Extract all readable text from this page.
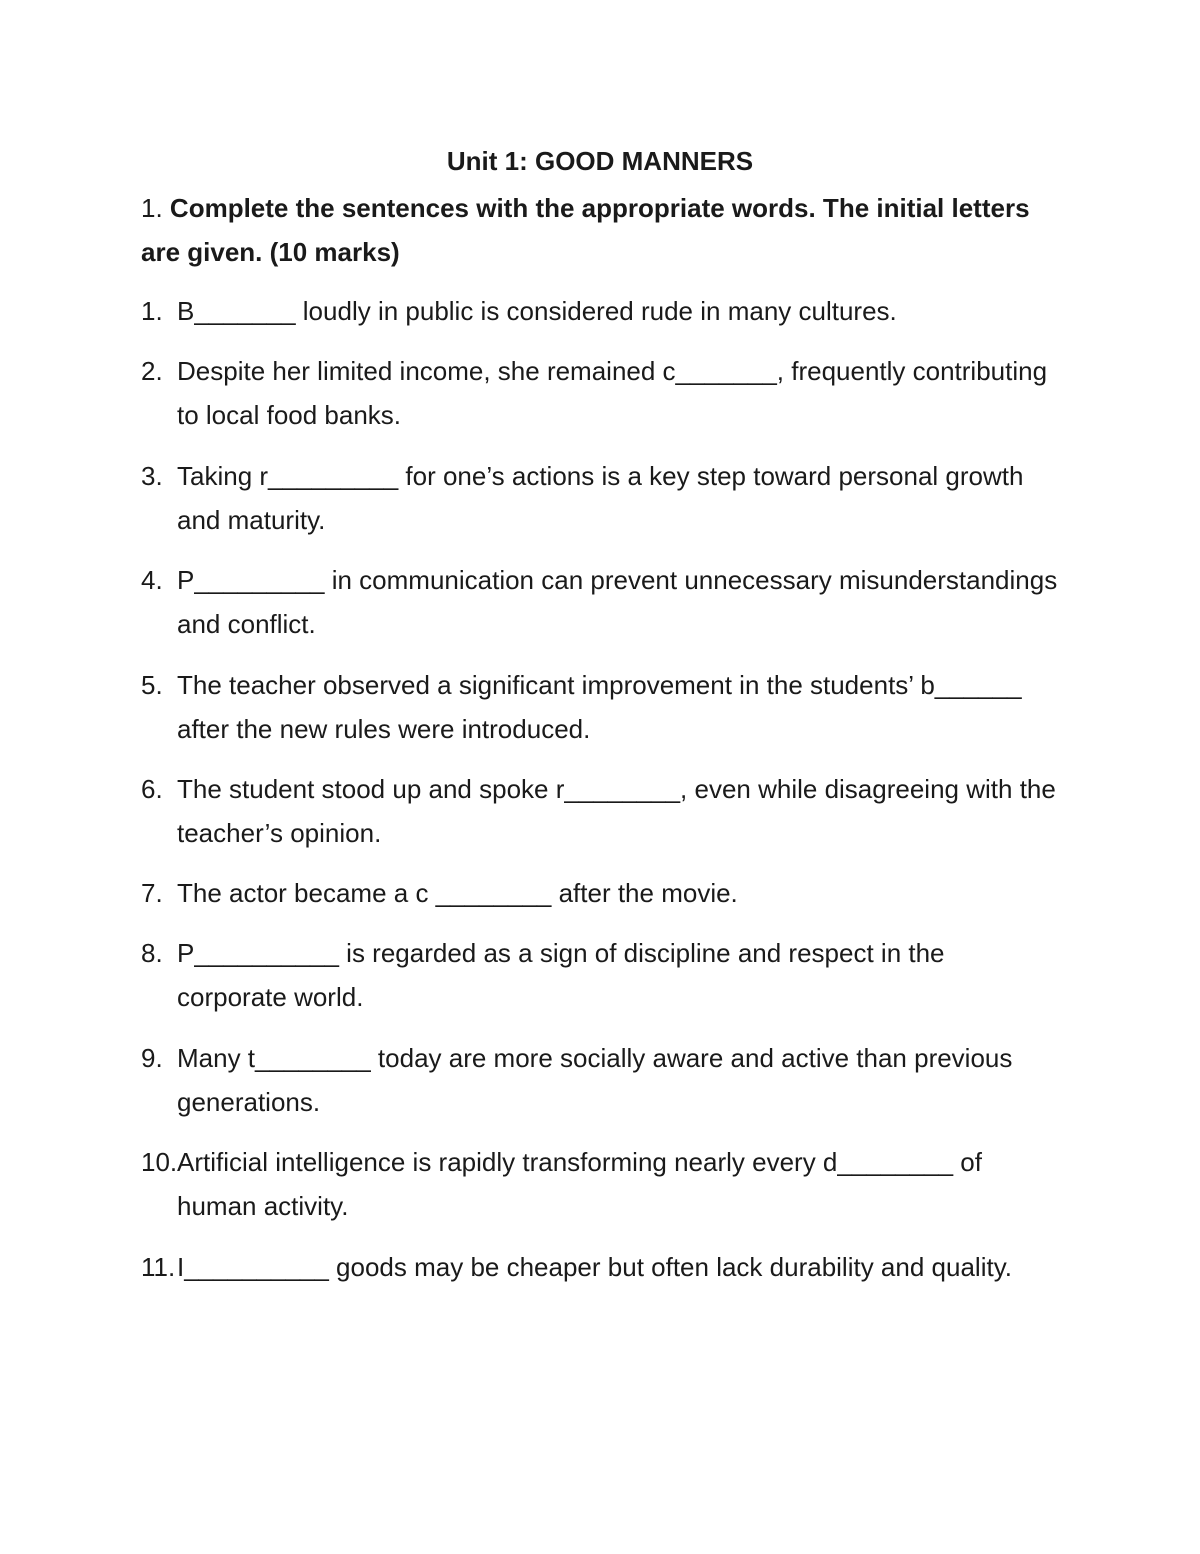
Unit 1: GOOD MANNERS
1. Complete the sentences with the appropriate words. The initial letters are given. (10 marks)
1. B_______ loudly in public is considered rude in many cultures.
2. Despite her limited income, she remained c_______, frequently contributing to local food banks.
3. Taking r_________ for one’s actions is a key step toward personal growth and maturity.
4. P_________ in communication can prevent unnecessary misunderstandings and conflict.
5. The teacher observed a significant improvement in the students’ b______ after the new rules were introduced.
6. The student stood up and spoke r________, even while disagreeing with the teacher’s opinion.
7. The actor became a c ________ after the movie.
8. P__________ is regarded as a sign of discipline and respect in the corporate world.
9. Many t________ today are more socially aware and active than previous generations.
10. Artificial intelligence is rapidly transforming nearly every d________ of human activity.
11. I__________ goods may be cheaper but often lack durability and quality.
